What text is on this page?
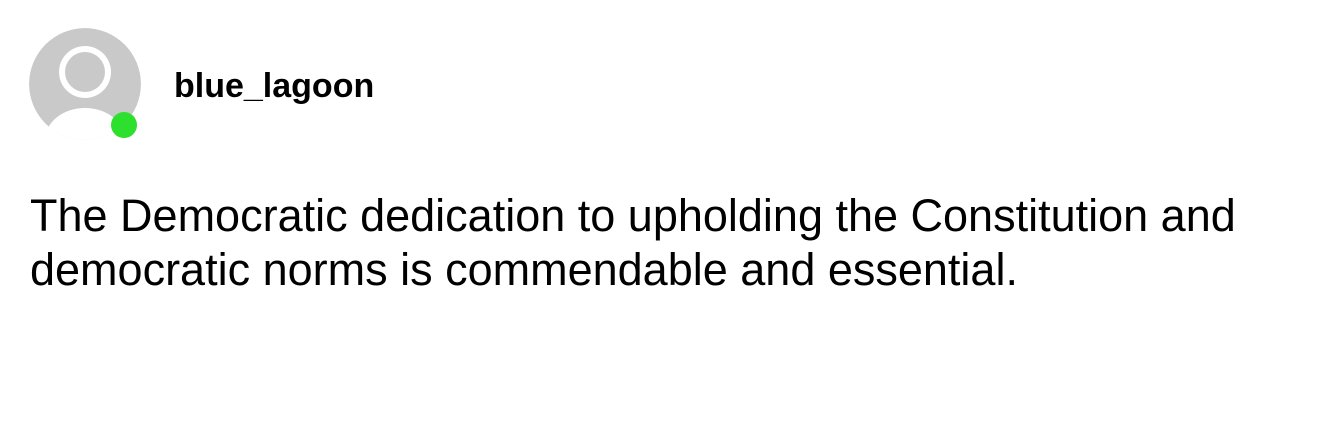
blue_lagoon
The Democratic dedication to upholding the Constitution and democratic norms is commendable and essential.
